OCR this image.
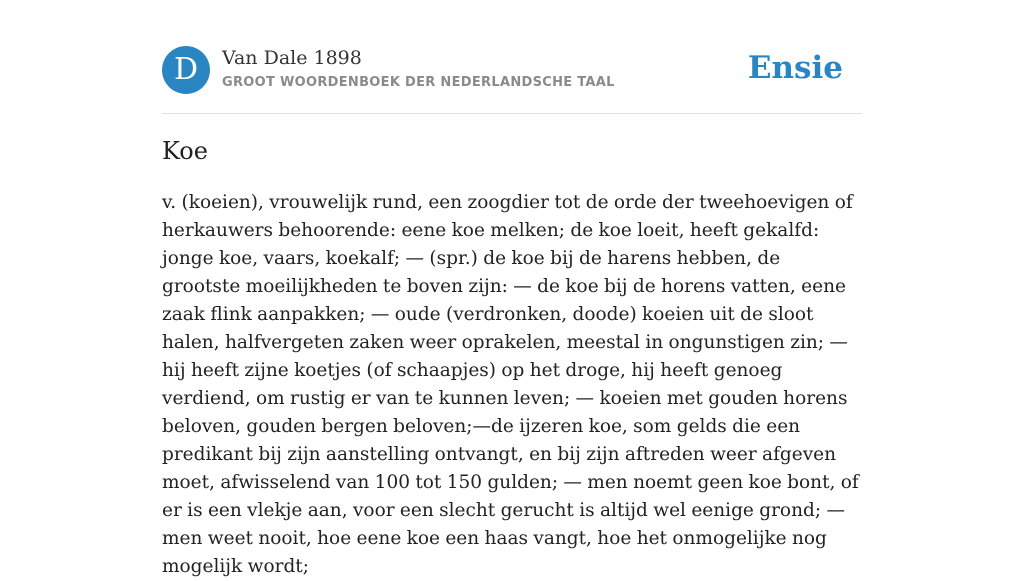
D	Van Dale 1898
GROOT WOORDENBOEK DER NEDERLANDSCHE TAAL	Ensie
Koe

v. (koeien), vrouwelijk rund, een zoogdier tot de orde der tweehoevigen of herkauwers behoorende: eene koe melken; de koe loeit, heeft gekalfd: jonge koe, vaars, koekalf; — (spr.) de koe bij de harens hebben, de grootste moeilijkheden te boven zijn: — de koe bij de horens vatten, eene zaak flink aanpakken; — oude (verdronken, doode) koeien uit de sloot halen, halfvergeten zaken weer oprakelen, meestal in ongunstigen zin; — hij heeft zijne koetjes (of schaapjes) op het droge, hij heeft genoeg verdiend, om rustig er van te kunnen leven; — koeien met gouden horens beloven, gouden bergen beloven;—de ijzeren koe, som gelds die een predikant bij zijn aanstelling ontvangt, en bij zijn aftreden weer afgeven moet, afwisselend van 100 tot 150 gulden; — men noemt geen koe bont, of er is een vlekje aan, voor een slecht gerucht is altijd wel eenige grond; — men weet nooit, hoe eene koe een haas vangt, hoe het onmogelijke nog mogelijk wordt;
